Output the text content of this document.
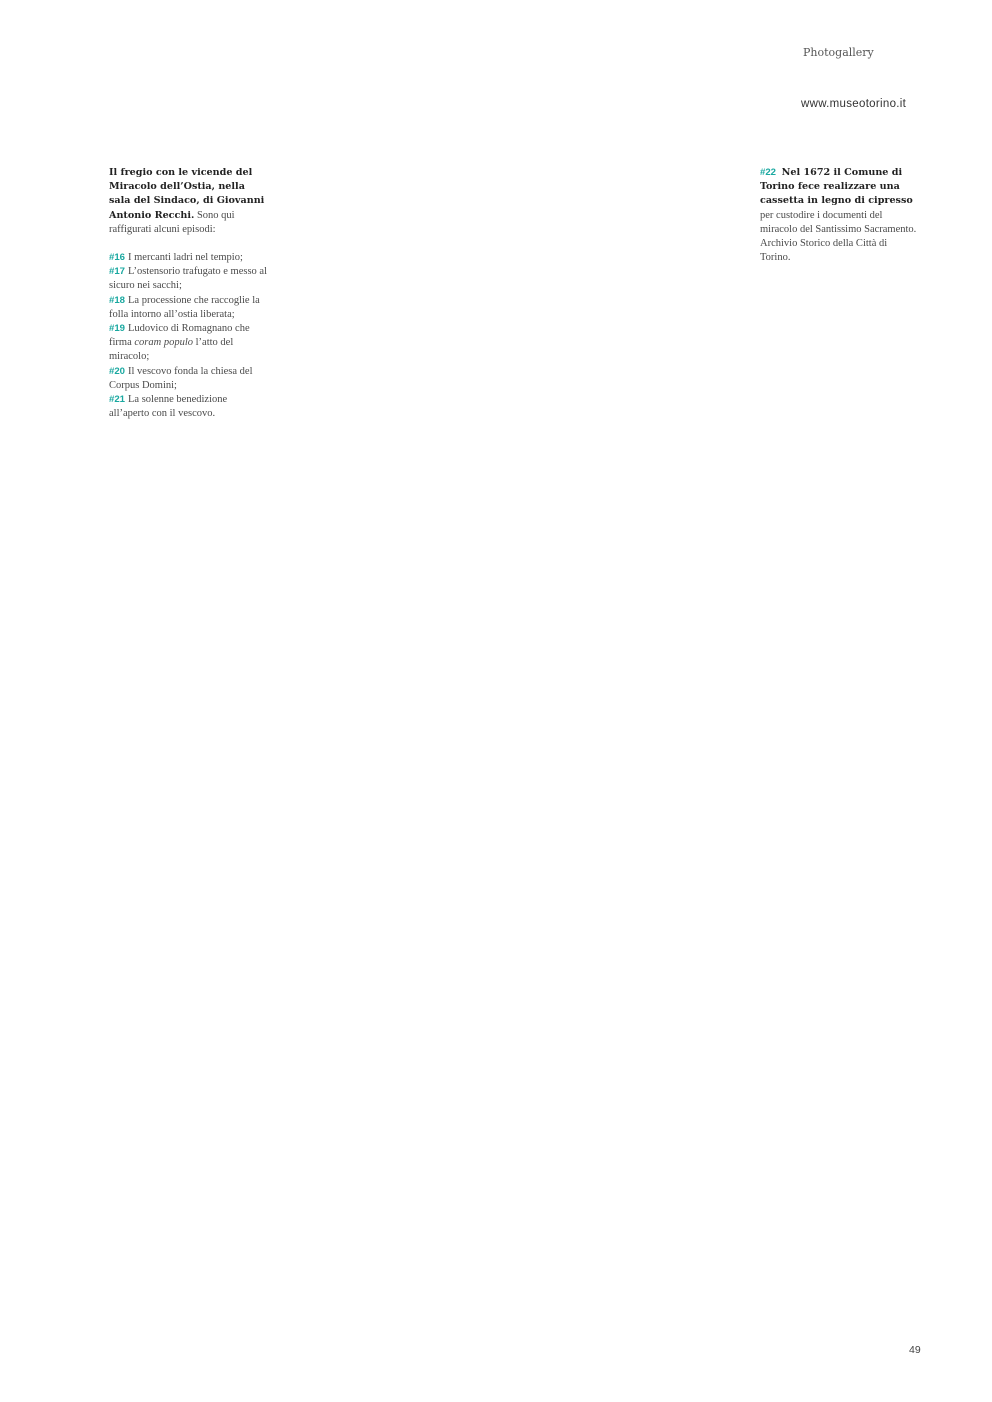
Photogallery
www.museotorino.it
Il fregio con le vicende del Miracolo dell’Ostia, nella sala del Sindaco, di Giovanni Antonio Recchi. Sono qui raffigurati alcuni episodi:
#16 I mercanti ladri nel tempio;
#17 L’ostensorio trafugato e messo al sicuro nei sacchi;
#18 La processione che raccoglie la folla intorno all’ostia liberata;
#19 Ludovico di Romagnano che firma coram populo l’atto del miracolo;
#20 Il vescovo fonda la chiesa del Corpus Domini;
#21 La solenne benedizione all’aperto con il vescovo.
#22 Nel 1672 il Comune di Torino fece realizzare una cassetta in legno di cipresso per custodire i documenti del miracolo del Santissimo Sacramento. Archivio Storico della Città di Torino.
49
